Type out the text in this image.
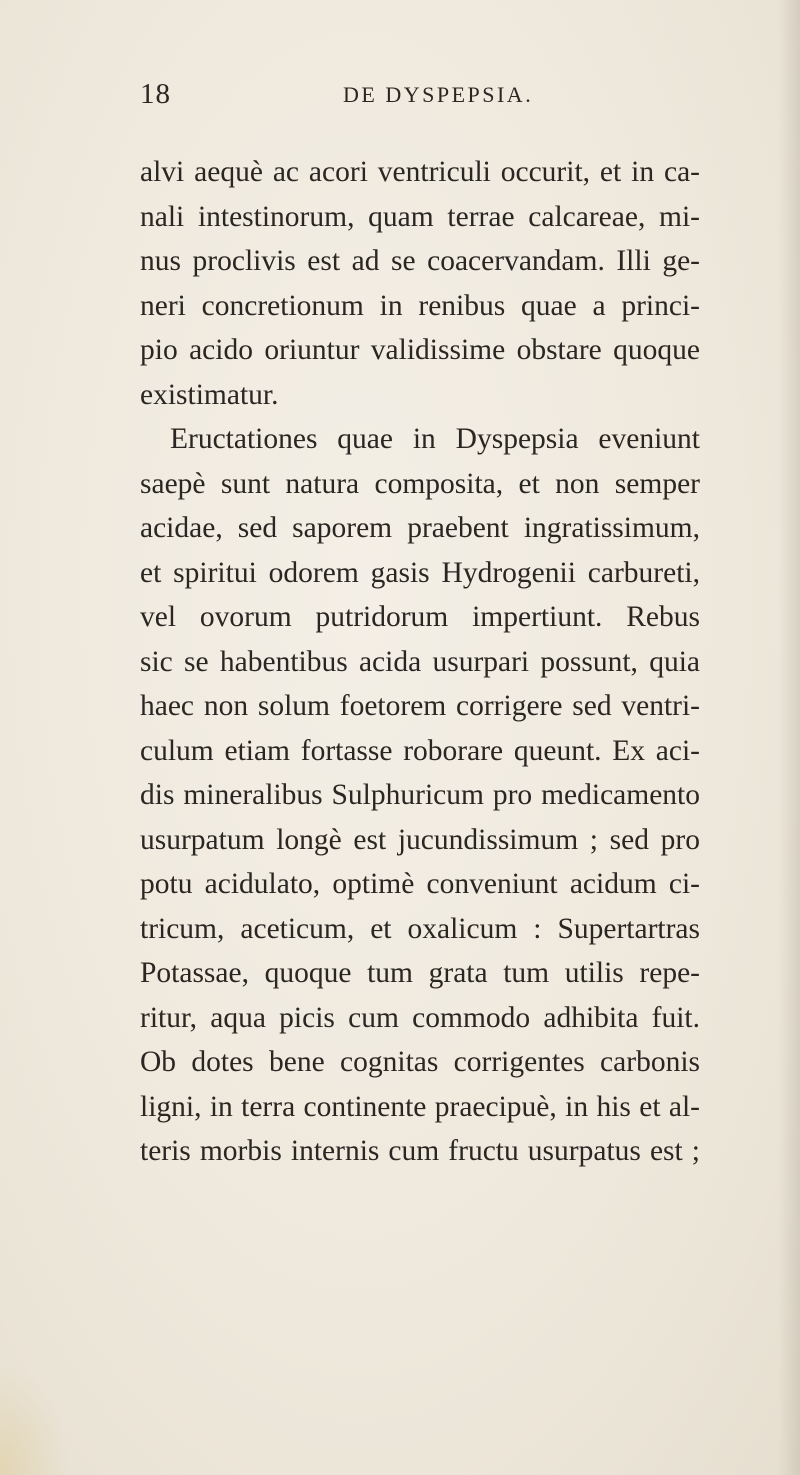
18	DE DYSPEPSIA.
alvi aequè ac acori ventriculi occurit, et in ca-
nali intestinorum, quam terrae calcareae, mi-
nus proclivis est ad se coacervandam. Illi ge-
neri concretionum in renibus quae a princi-
pio acido oriuntur validissime obstare quoque
existimatur.
Eructationes quae in Dyspepsia eveniunt
saepè sunt natura composita, et non semper
acidae, sed saporem praebent ingratissimum,
et spiritui odorem gasis Hydrogenii carbureti,
vel ovorum putridorum impertiunt. Rebus
sic se habentibus acida usurpari possunt, quia
haec non solum foetorem corrigere sed ventri-
culum etiam fortasse roborare queunt. Ex aci-
dis mineralibus Sulphuricum pro medicamento
usurpatum longè est jucundissimum ; sed pro
potu acidulato, optimè conveniunt acidum ci-
tricum, aceticum, et oxalicum : Supertartras
Potassae, quoque tum grata tum utilis repe-
ritur, aqua picis cum commodo adhibita fuit.
Ob dotes bene cognitas corrigentes carbonis
ligni, in terra continente praecipuè, in his et al-
teris morbis internis cum fructu usurpatus est ;
